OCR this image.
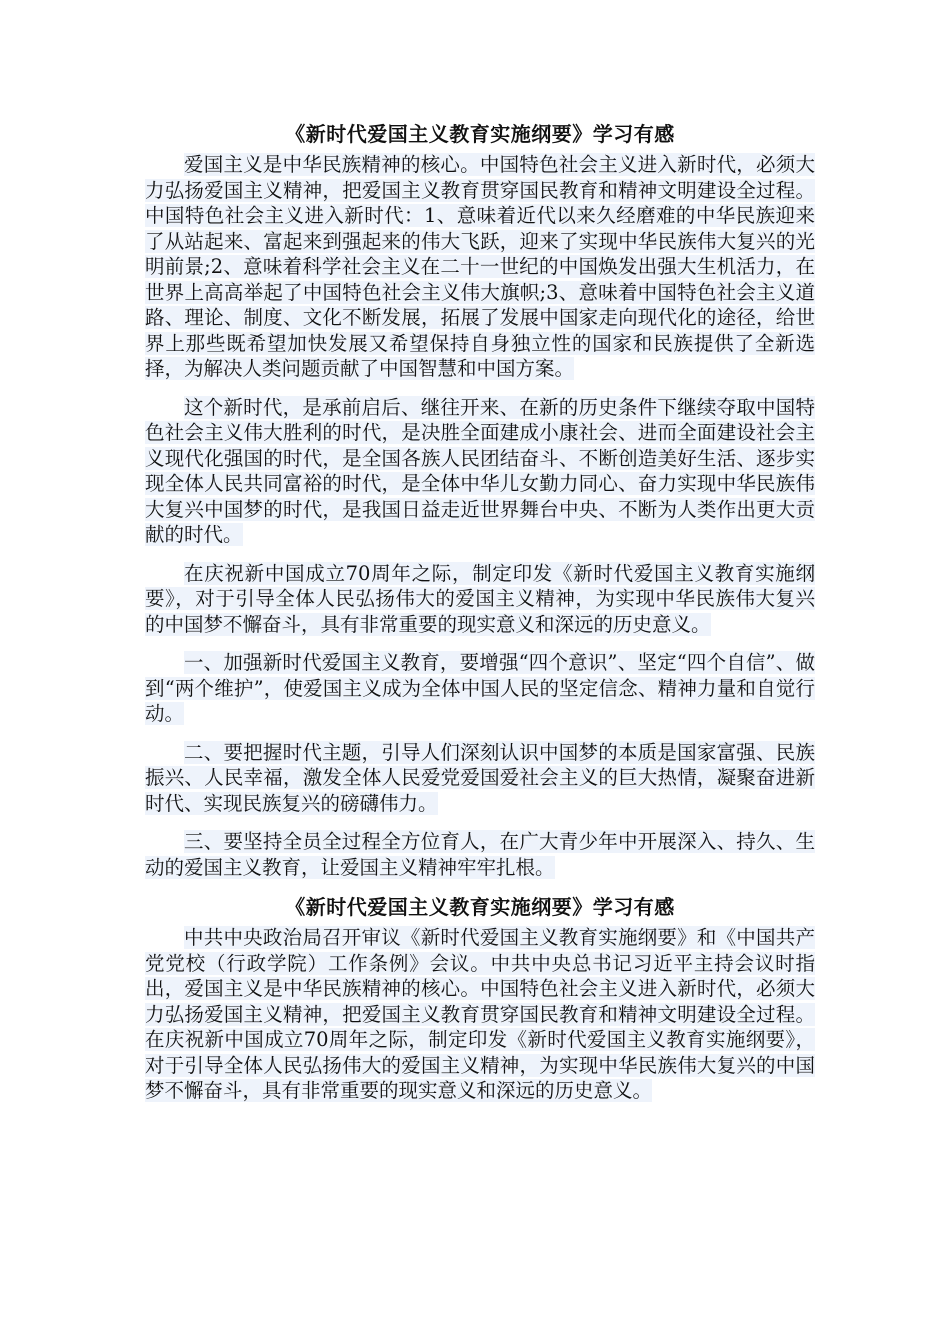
《新时代爱国主义教育实施纲要》学习有感

爱国主义是中华民族精神的核心。中国特色社会主义进入新时代，必须大力弘扬爱国主义精神，把爱国主义教育贯穿国民教育和精神文明建设全过程。中国特色社会主义进入新时代：1、意味着近代以来久经磨难的中华民族迎来了从站起来、富起来到强起来的伟大飞跃，迎来了实现中华民族伟大复兴的光明前景;2、意味着科学社会主义在二十一世纪的中国焕发出强大生机活力，在世界上高高举起了中国特色社会主义伟大旗帜;3、意味着中国特色社会主义道路、理论、制度、文化不断发展，拓展了发展中国家走向现代化的途径，给世界上那些既希望加快发展又希望保持自身独立性的国家和民族提供了全新选择，为解决人类问题贡献了中国智慧和中国方案。

这个新时代，是承前启后、继往开来、在新的历史条件下继续夺取中国特色社会主义伟大胜利的时代，是决胜全面建成小康社会、进而全面建设社会主义现代化强国的时代，是全国各族人民团结奋斗、不断创造美好生活、逐步实现全体人民共同富裕的时代，是全体中华儿女勤力同心、奋力实现中华民族伟大复兴中国梦的时代，是我国日益走近世界舞台中央、不断为人类作出更大贡献的时代。

在庆祝新中国成立70周年之际，制定印发《新时代爱国主义教育实施纲要》，对于引导全体人民弘扬伟大的爱国主义精神，为实现中华民族伟大复兴的中国梦不懈奋斗，具有非常重要的现实意义和深远的历史意义。

一、加强新时代爱国主义教育，要增强“四个意识”、坚定“四个自信”、做到“两个维护”，使爱国主义成为全体中国人民的坚定信念、精神力量和自觉行动。

二、要把握时代主题，引导人们深刻认识中国梦的本质是国家富强、民族振兴、人民幸福，激发全体人民爱党爱国爱社会主义的巨大热情，凝聚奋进新时代、实现民族复兴的磅礴伟力。

三、要坚持全员全过程全方位育人，在广大青少年中开展深入、持久、生动的爱国主义教育，让爱国主义精神牢牢扎根。

《新时代爱国主义教育实施纲要》学习有感

中共中央政治局召开审议《新时代爱国主义教育实施纲要》和《中国共产党党校（行政学院）工作条例》会议。中共中央总书记习近平主持会议时指出，爱国主义是中华民族精神的核心。中国特色社会主义进入新时代，必须大力弘扬爱国主义精神，把爱国主义教育贯穿国民教育和精神文明建设全过程。在庆祝新中国成立70周年之际，制定印发《新时代爱国主义教育实施纲要》，对于引导全体人民弘扬伟大的爱国主义精神，为实现中华民族伟大复兴的中国梦不懈奋斗，具有非常重要的现实意义和深远的历史意义。
